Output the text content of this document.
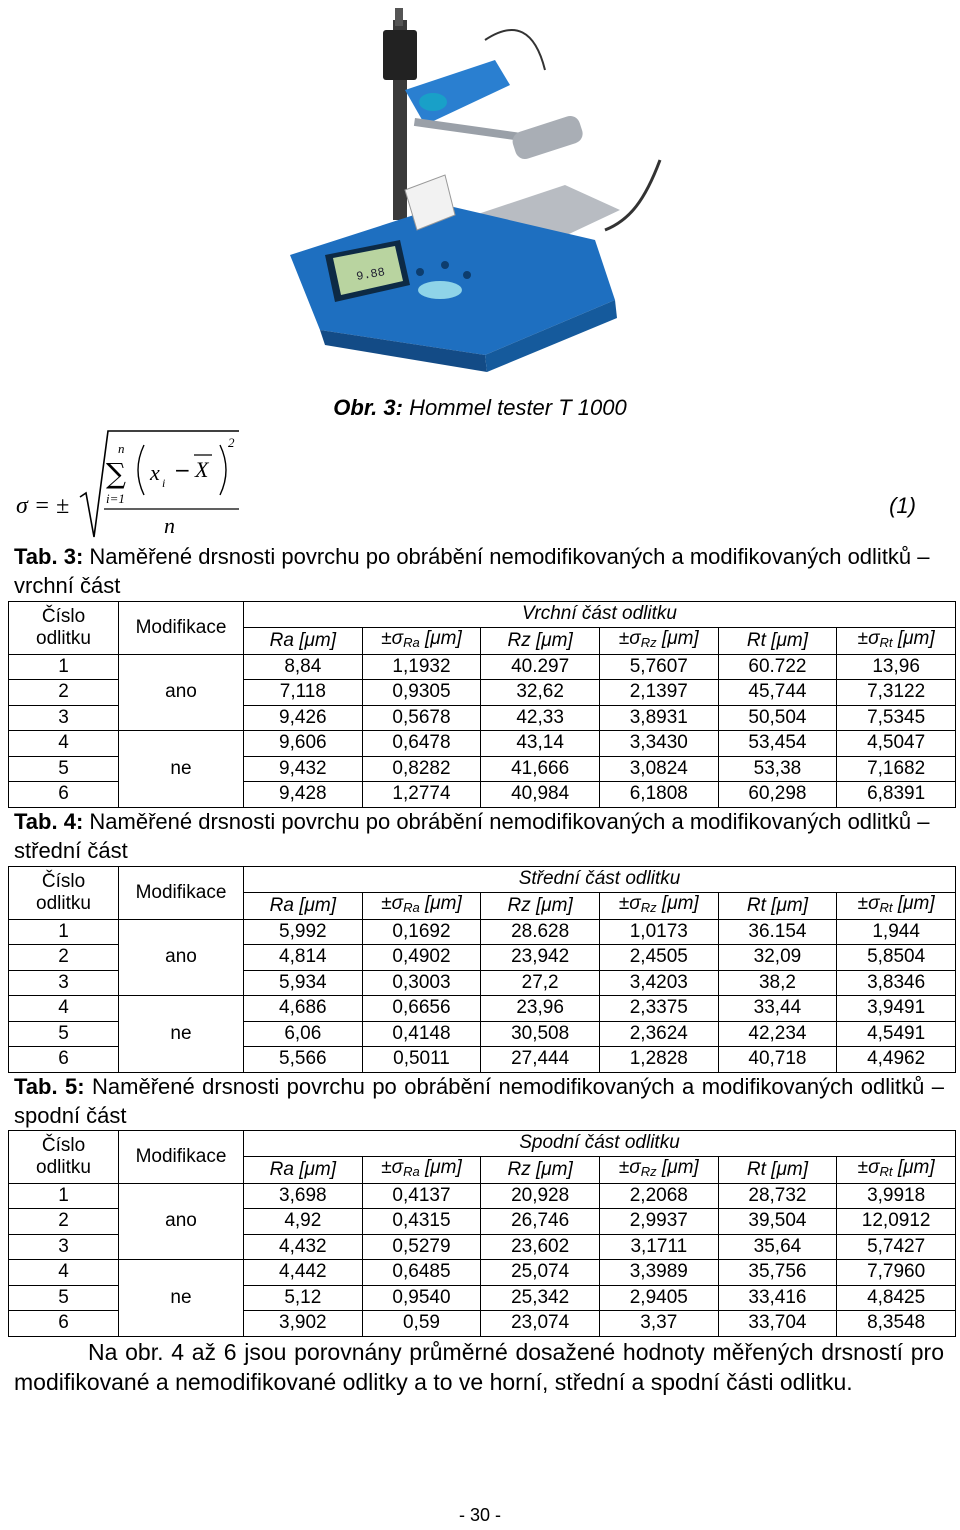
9.88
Obr. 3: Hommel tester T 1000
σ = ±
n
∑
i=1
x i
− X
2
n
(1)
Tab. 3: Naměřené drsnosti povrchu po obrábění nemodifikovaných a modifikovaných odlitků – vrchní část
Číslo
odlitku	Modifikace	Vrchní část odlitku					
		Ra [μm]	$\pm\sigma_{Ra}$ [μm]	Rz [μm]	$\pm\sigma_{Rz}$ [μm]	Rt [μm]	$\pm\sigma_{Rt}$ [μm]
1	ano	8,84	1,1932	40.297	5,7607	60.722	13,96
2		7,118	0,9305	32,62	2,1397	45,744	7,3122
3		9,426	0,5678	42,33	3,8931	50,504	7,5345
4	ne	9,606	0,6478	43,14	3,3430	53,454	4,5047
5		9,432	0,8282	41,666	3,0824	53,38	7,1682
6		9,428	1,2774	40,984	6,1808	60,298	6,8391
Tab. 4: Naměřené drsnosti povrchu po obrábění nemodifikovaných a modifikovaných odlitků – střední část
Číslo
odlitku	Modifikace	Střední část odlitku					
		Ra [μm]	$\pm\sigma_{Ra}$ [μm]	Rz [μm]	$\pm\sigma_{Rz}$ [μm]	Rt [μm]	$\pm\sigma_{Rt}$ [μm]
1	ano	5,992	0,1692	28.628	1,0173	36.154	1,944
2		4,814	0,4902	23,942	2,4505	32,09	5,8504
3		5,934	0,3003	27,2	3,4203	38,2	3,8346
4	ne	4,686	0,6656	23,96	2,3375	33,44	3,9491
5		6,06	0,4148	30,508	2,3624	42,234	4,5491
6		5,566	0,5011	27,444	1,2828	40,718	4,4962
Tab. 5: Naměřené drsnosti povrchu po obrábění nemodifikovaných a modifikovaných odlitků – spodní část
Číslo
odlitku	Modifikace	Spodní část odlitku					
		Ra [μm]	$\pm\sigma_{Ra}$ [μm]	Rz [μm]	$\pm\sigma_{Rz}$ [μm]	Rt [μm]	$\pm\sigma_{Rt}$ [μm]
1	ano	3,698	0,4137	20,928	2,2068	28,732	3,9918
2		4,92	0,4315	26,746	2,9937	39,504	12,0912
3		4,432	0,5279	23,602	3,1711	35,64	5,7427
4	ne	4,442	0,6485	25,074	3,3989	35,756	7,7960
5		5,12	0,9540	25,342	2,9405	33,416	4,8425
6		3,902	0,59	23,074	3,37	33,704	8,3548
Na obr. 4 až 6 jsou porovnány průměrné dosažené hodnoty měřených drsností pro modifikované a nemodifikované odlitky a to ve horní, střední a spodní části odlitku.
- 30 -
